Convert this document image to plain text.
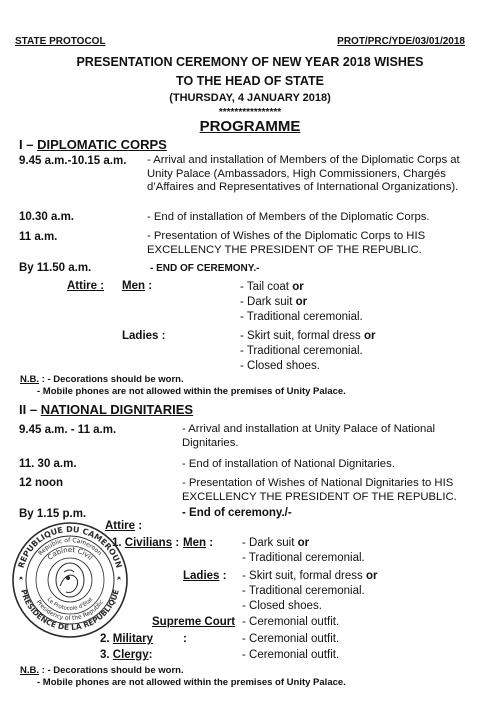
STATE PROTOCOL	PROT/PRC/YDE/03/01/2018
PRESENTATION CEREMONY OF NEW YEAR 2018 WISHES
TO THE HEAD OF STATE
(THURSDAY, 4 JANUARY 2018)
****************
PROGRAMME
I – DIPLOMATIC CORPS
9.45 a.m.-10.15 a.m. - Arrival and installation of Members of the Diplomatic Corps at Unity Palace (Ambassadors, High Commissioners, Chargés d’Affaires and Representatives of International Organizations).
10.30 a.m.	- End of installation of Members of the Diplomatic Corps.
11 a.m.	- Presentation of Wishes of the Diplomatic Corps to HIS EXCELLENCY THE PRESIDENT OF THE REPUBLIC.
By 11.50 a.m.	- END OF CEREMONY.-
Attire : Men :	- Tail coat or
- Dark suit or
- Traditional ceremonial.
Ladies :	- Skirt suit, formal dress or
- Traditional ceremonial.
- Closed shoes.
N.B. : - Decorations should be worn.
- Mobile phones are not allowed within the premises of Unity Palace.
II – NATIONAL DIGNITARIES
9.45 a.m. - 11 a.m.	- Arrival and installation at Unity Palace of National Dignitaries.
11. 30 a.m.	- End of installation of National Dignitaries.
12 noon	- Presentation of Wishes of National Dignitaries to HIS EXCELLENCY THE PRESIDENT OF THE REPUBLIC.
By 1.15 p.m.	- End of ceremony./-
Attire :
1. Civilians : Men :	- Dark suit or
- Traditional ceremonial.
Ladies : - Skirt suit, formal dress or
- Traditional ceremonial.
- Closed shoes.
Supreme Court - Ceremonial outfit.
2. Military	:	- Ceremonial outfit.
3. Clergy:	- Ceremonial outfit.
N.B. : - Decorations should be worn.
- Mobile phones are not allowed within the premises of Unity Palace.
REPUBLIQUE DU CAMEROUN
PRESIDENCE DE LA REPUBLIQUE
Republic of Cameroon
Presidency of the Republic
Cabinet Civil
Le Protocole d'Etat
